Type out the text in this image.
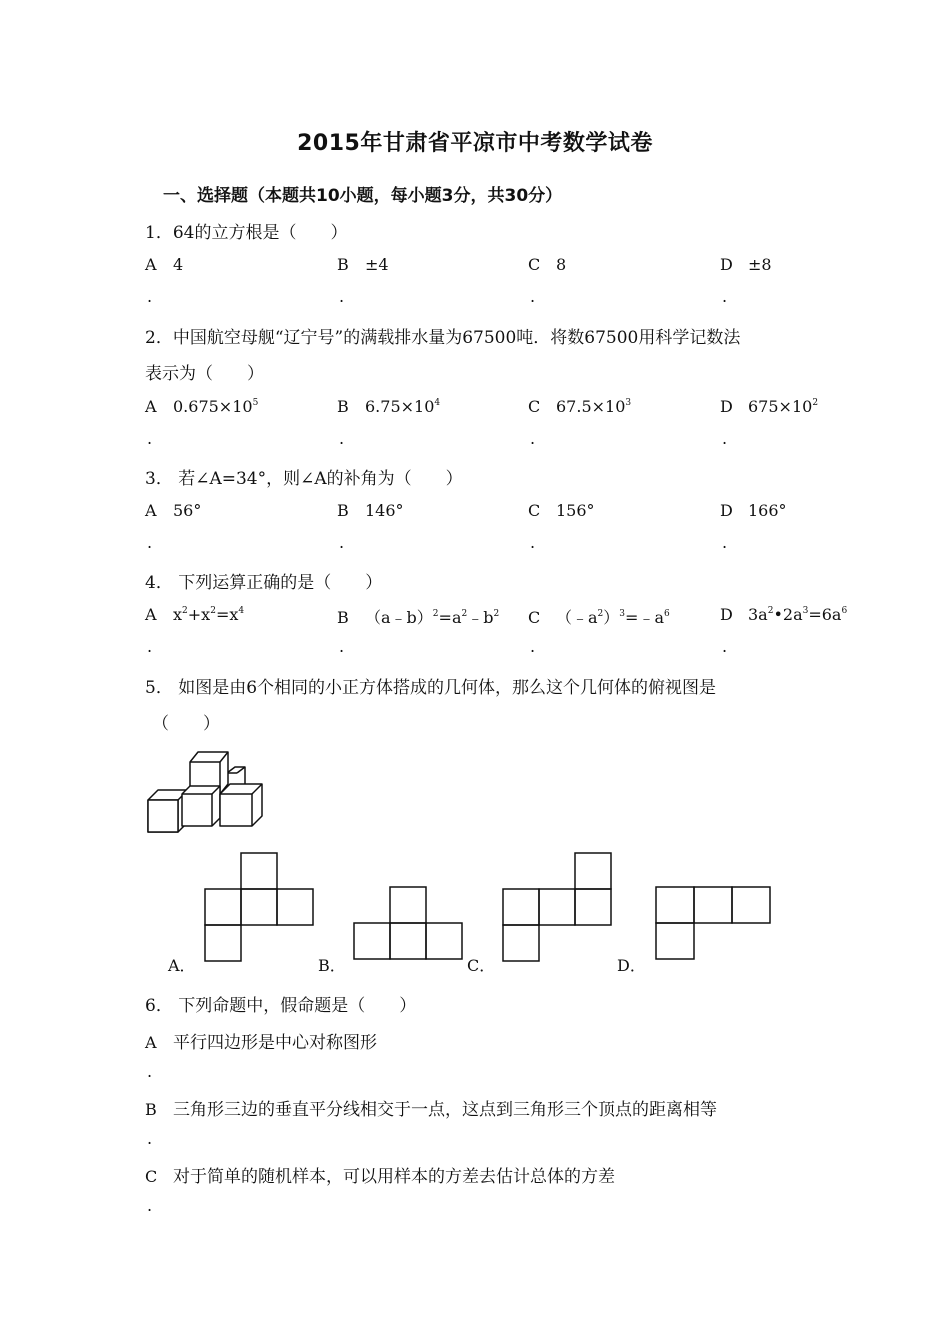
2015年甘肃省平凉市中考数学试卷
一、选择题（本题共10小题，每小题3分，共30分）
1．64的立方根是（　　）
A 4	B ±4	C 8	D ±8
.	.	.	.
2．中国航空母舰“辽宁号”的满载排水量为67500吨．将数67500用科学记数法
表示为（　　）
A $0.675\times 10^5$	B $6.75\times 10^4$	C $67.5\times 10^3$	D $675\times 10^2$
.	.	.	.
3． 若∠A=34°，则∠A的补角为（　　）
A 56°	B 146°	C 156°	D 166°
.	.	.	.
4． 下列运算正确的是（　　）
A $x^2+x^2=x^4$	B $(a﹣b)^2=a^2﹣b^2$ C $(﹣a^2)^3=﹣a^6$	D $3a^2•2a^3=6a^6$
.	.	.	.
5． 如图是由6个相同的小正方体搭成的几何体，那么这个几何体的俯视图是
（　　）
A．	B．	C．	D．
6． 下列命题中，假命题是（　　）
A 平行四边形是中心对称图形
.
B 三角形三边的垂直平分线相交于一点，这点到三角形三个顶点的距离相等
.
C 对于简单的随机样本，可以用样本的方差去估计总体的方差
.
